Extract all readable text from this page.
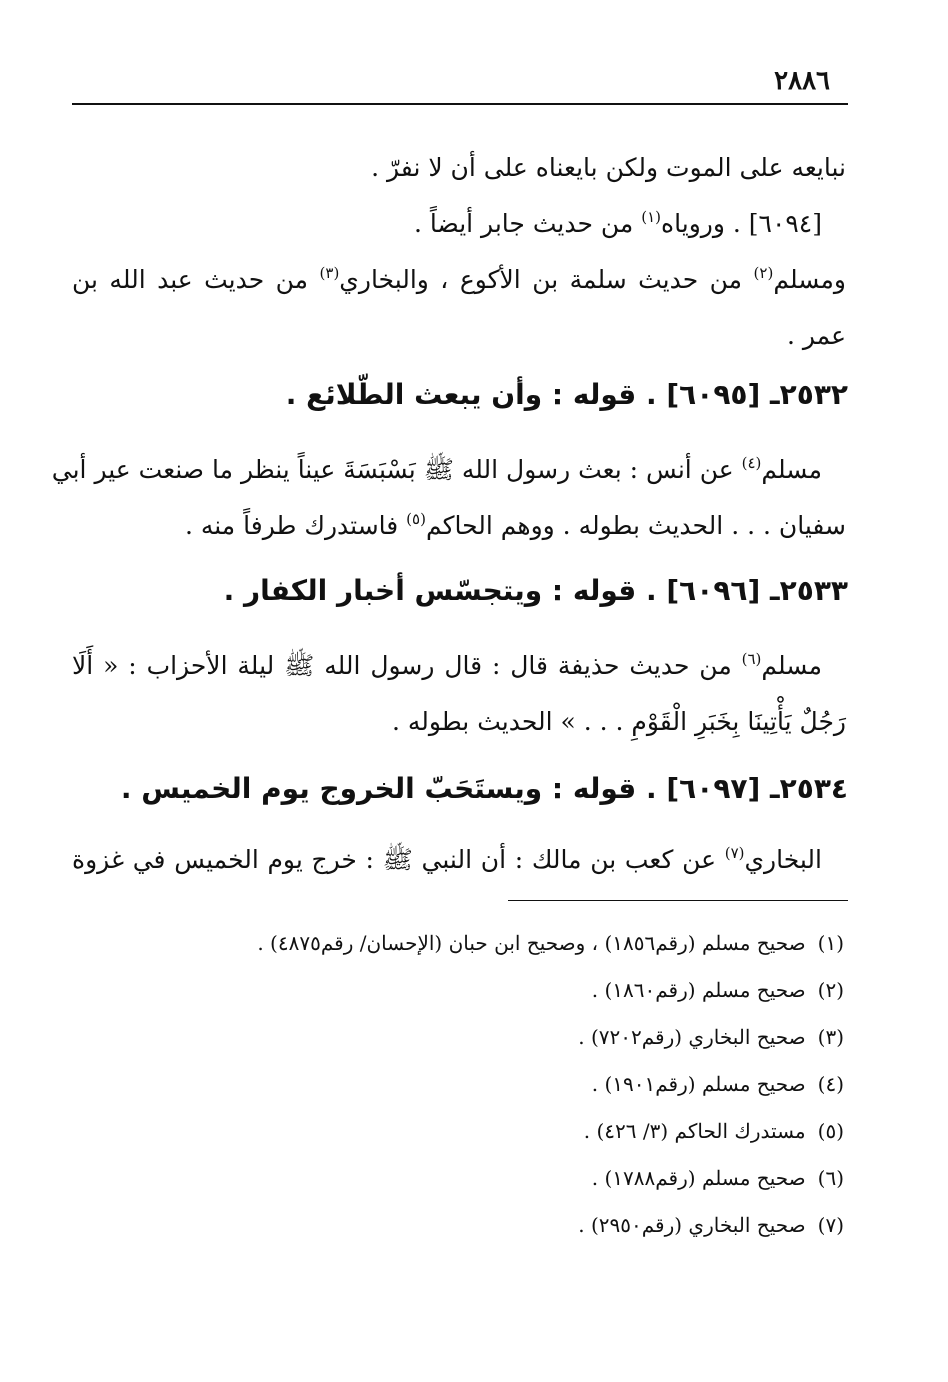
٢٨٨٦
نبايعه على الموت ولكن بايعناه على أن لا نفرّ .
[٦٠٩٤] . وروياه$^{(١)}$ من حديث جابر أيضاً .
ومسلم$^{(٢)}$ من حديث سلمة بن الأكوع ، والبخاري$^{(٣)}$ من حديث عبد الله بن
عمر .
٢٥٣٢ـ [٦٠٩٥] . قوله : وأن يبعث الطّلائع .
مسلم$^{(٤)}$ عن أنس : بعث رسول الله ﷺ بَسْبَسَةَ عيناً ينظر ما صنعت عير أبي
سفيان . . . الحديث بطوله . ووهم الحاكم$^{(٥)}$ فاستدرك طرفاً منه .
٢٥٣٣ـ [٦٠٩٦] . قوله : ويتجسّس أخبار الكفار .
مسلم$^{(٦)}$ من حديث حذيفة قال : قال رسول الله ﷺ ليلة الأحزاب : « أَلَا
رَجُلٌ يَأْتِينَا بِخَبَرِ الْقَوْمِ . . . » الحديث بطوله .
٢٥٣٤ـ [٦٠٩٧] . قوله : ويستَحَبّ الخروج يوم الخميس .
البخاري$^{(٧)}$ عن كعب بن مالك : أن النبي ﷺ : خرج يوم الخميس في غزوة
(١)صحيح مسلم (رقم١٨٥٦) ، وصحيح ابن حبان (الإحسان/ رقم٤٨٧٥) .
(٢)صحيح مسلم (رقم١٨٦٠) .
(٣)صحيح البخاري (رقم٧٢٠٢) .
(٤)صحيح مسلم (رقم١٩٠١) .
(٥)مستدرك الحاكم (٣/ ٤٢٦) .
(٦)صحيح مسلم (رقم١٧٨٨) .
(٧)صحيح البخاري (رقم٢٩٥٠) .
